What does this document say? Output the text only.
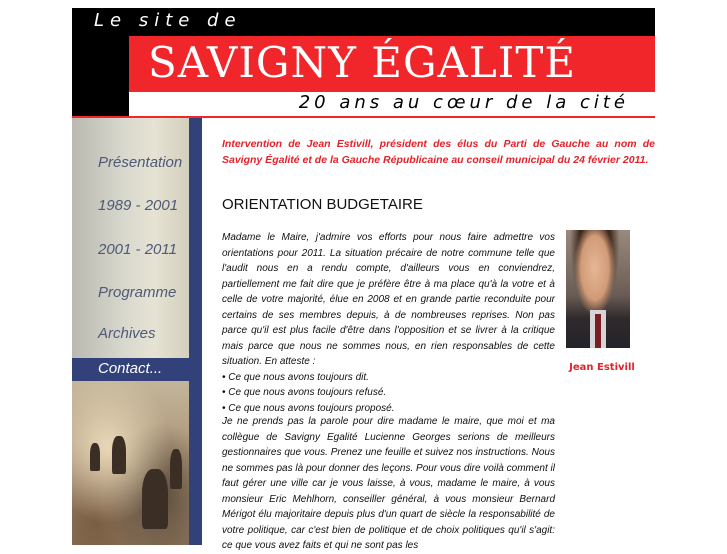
Le site de
SAVIGNY ÉGALITÉ
20 ans au cœur de la cité
Présentation
1989 - 2001
2001 - 2011
Programme
Archives
Contact...
Intervention de Jean Estivill, président des élus du Parti de Gauche au nom de Savigny Égalité et de la Gauche Républicaine au conseil municipal du 24 février 2011.
ORIENTATION BUDGETAIRE
Madame le Maire, j'admire vos efforts pour nous faire admettre vos orientations pour 2011. La situation précaire de notre commune telle que l'audit nous en a rendu compte, d'ailleurs vous en conviendrez, partiellement me fait dire que je préfère être à ma place qu'à la votre et à celle de votre majorité, élue en 2008 et en grande partie reconduite pour certains de ses membres depuis, à de nombreuses reprises. Non pas parce qu'il est plus facile d'être dans l'opposition et se livrer à la critique mais parce que nous ne sommes nous, en rien responsables de cette situation. En atteste :
• Ce que nous avons toujours dit.
• Ce que nous avons toujours refusé.
• Ce que nous avons toujours proposé.
Je ne prends pas la parole pour dire madame le maire, que moi et ma collègue de Savigny Egalité Lucienne Georges serions de meilleurs gestionnaires que vous. Prenez une feuille et suivez nos instructions. Nous ne sommes pas là pour donner des leçons. Pour vous dire voilà comment il faut gérer une ville car je vous laisse, à vous, madame le maire, à vous monsieur Eric Mehlhorn, conseiller général, à vous monsieur Bernard Mérigot élu majoritaire depuis plus d'un quart de siècle la responsabilité de votre politique, car c'est bien de politique et de choix politiques qu'il s'agit: ce que vous avez faits et qui ne sont pas les
Jean Estivill
